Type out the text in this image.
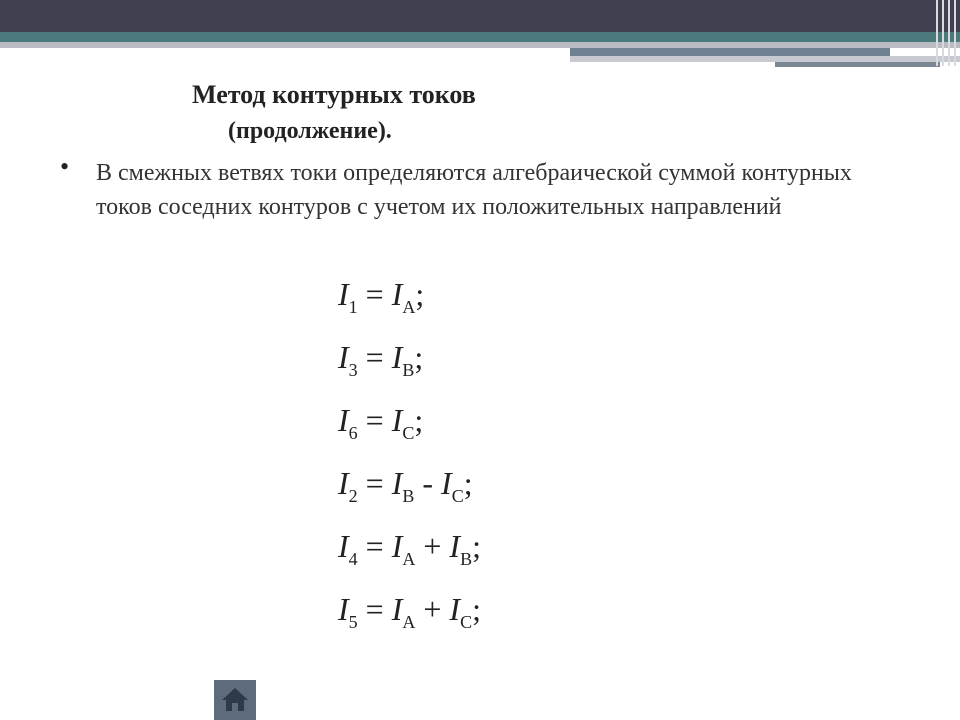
Метод контурных токов
(продолжение).
• В смежных ветвях токи определяются алгебраической суммой контурных токов соседних контуров с учетом их положительных направлений
$I_1 = I_A$;
$I_3 = I_B$;
$I_6 = I_C$;
$I_2 = I_B - I_C$;
$I_4 = I_A + I_B$;
$I_5 = I_A + I_C$;
